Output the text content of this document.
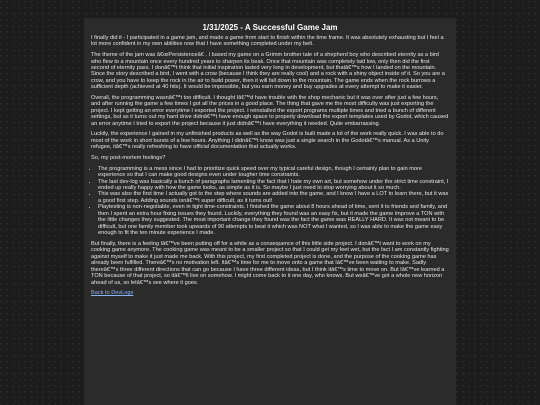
1/31/2025 - A Successful Game Jam

I finally did it - I participated in a game jam, and made a game from start to finish within the time frame. It was absolutely exhausting but I feel a lot more confident in my own abilities now that I have something completed under my belt.

The theme of the jam was â€œPersistenceâ€ . I based my game on a Grimm brother tale of a shepherd boy who described eternity as a bird who flew to a mountain once every hundred years to sharpen its beak. Once that mountain was completely laid low, only then did the first second of eternity pass. I donâ€™t think that initial inspiration lasted very long in development, but thatâ€™s how I landed on the mountain. Since the story described a bird, I went with a crow (because I think they are really cool) and a rock with a shiny object inside of it. So you are a crow, and you have to keep the rock in the air to build power, then it will fall down to the mountain. The game ends when the rock burrows a sufficient depth (achieved at 40 hits). It would be impossible, but you earn money and buy upgrades at every attempt to make it easier.

Overall, the programming wasnâ€™t too difficult. I thought Iâ€™d have trouble with the shop mechanic but it was over after just a few hours, and after running the game a few times I got all the prices in a good place. The thing that gave me the most difficulty was just exporting the project. I kept getting an error everytime I exported the project. I reinstalled the export programs multiple times and tried a bunch of different settings, but as it turns out my hard drive didnâ€™t have enough space to properly download the export templates used by Godot, which caused an error anytime I tried to export the project because it just didnâ€™t have everything it needed. Quite embarrassing.

Luckily, the experience I gained in my unfinished products as well as the way Godot is built made a lot of the work really quick. I was able to do most of the work in short bursts of a few hours. Anything I didnâ€™t know was just a single search in the Godotâ€™s manual. As a Unity refugee, itâ€™s really refreshing to have official documentation that actually works.

So, my post-mortem feelings?

• The programming is a mess since I had to prioritize quick speed over my typical careful design, though I certainly plan to gain more experience so that I can make good designs even under tougher time constraints.
• The last dev-log was basically a bunch of paragraphs lamenting the fact that I hate my own art, but somehow under the strict time constraint, I ended up really happy with how the game looks, as simple as it is. So maybe I just need to stop worrying about it so much.
• This was also the first time I actually got to the step where sounds are added into the game, and I know I have a LOT to learn there, but it was a good first step. Adding sounds isnâ€™t super difficult, as it turns out!
• Playtesting is non-negotiable, even in tight time-constraints. I finished the game about 8 hours ahead of time, sent it to friends and family, and then I spent an extra hour fixing issues they found. Luckily, everything they found was an easy fix, but it made the game improve a TON with the little changes they suggested. The most important change they found was the fact the game was REALLY HARD. It was not meant to be difficult, but one family member took upwards of 90 attempts to beat it which was NOT what I wanted, so I was able to make the game easy enough to fit the ten minute experience I made.

But finally, there is a feeling Iâ€™ve been putting off for a while as a consequence of this little side project. I donâ€™t want to work on my cooking game anymore. The cooking game was meant to be a smaller project so that I could get my feet wet, but the fact I am constantly fighting against myself to make it just made me back. With this project, my first completed project is done, and the purpose of the cooking game has already been fulfilled. Thereâ€™s no motivation left. Itâ€™s time for me to move onto a game that Iâ€™ve been waiting to make. Sadly thereâ€™s three different directions that can go because I have three different ideas, but I think itâ€™s time to move on. But Iâ€™ve learned a TON because of that project, so itâ€™ll live on somehow. I might come back to it one day, who knows. But weâ€™ve got a whole new horizon ahead of us, so letâ€™s see where it goes.

Back to DevLogs
